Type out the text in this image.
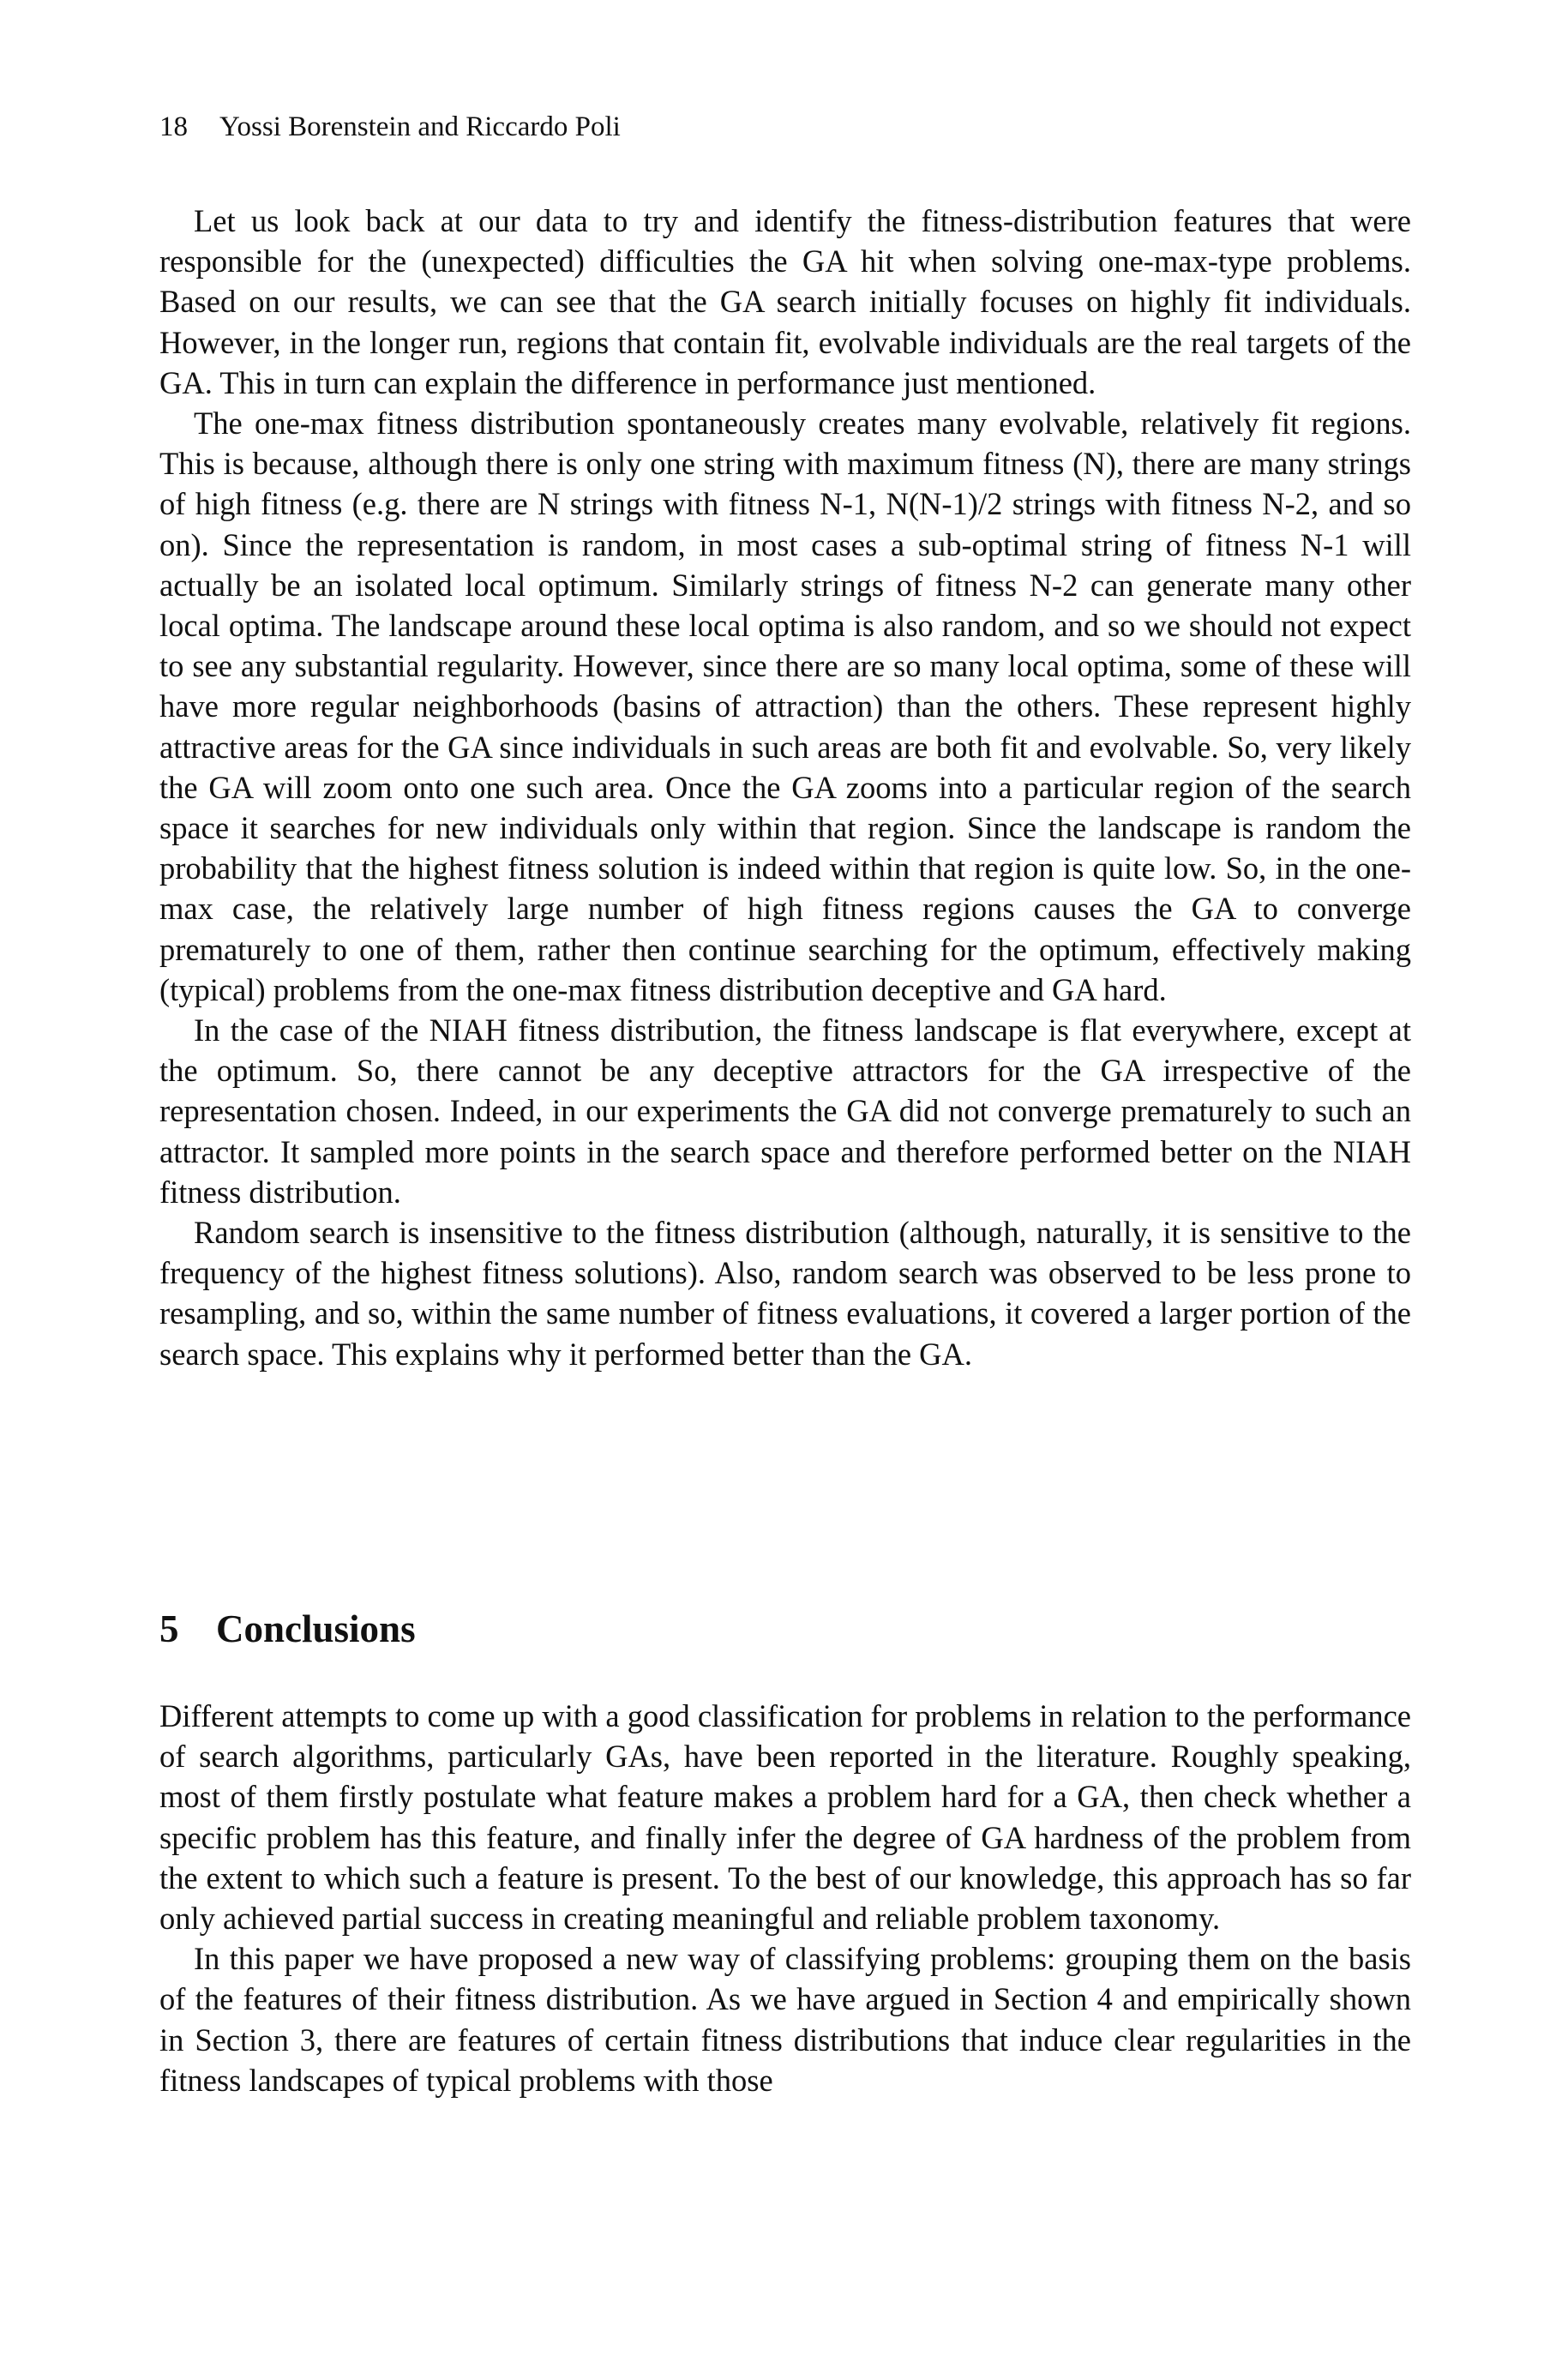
18 Yossi Borenstein and Riccardo Poli

Let us look back at our data to try and identify the fitness-distribution features that were responsible for the (unexpected) difficulties the GA hit when solving one-max-type problems. Based on our results, we can see that the GA search initially focuses on highly fit individuals. However, in the longer run, regions that contain fit, evolvable individuals are the real targets of the GA. This in turn can explain the difference in performance just mentioned.

The one-max fitness distribution spontaneously creates many evolvable, relatively fit regions. This is because, although there is only one string with maximum fitness (N), there are many strings of high fitness (e.g. there are N strings with fitness N-1, N(N-1)/2 strings with fitness N-2, and so on). Since the representation is random, in most cases a sub-optimal string of fitness N-1 will actually be an isolated local optimum. Similarly strings of fitness N-2 can generate many other local optima. The landscape around these local optima is also random, and so we should not expect to see any substantial regularity. However, since there are so many local optima, some of these will have more regular neighborhoods (basins of attraction) than the others. These represent highly attractive areas for the GA since individuals in such areas are both fit and evolvable. So, very likely the GA will zoom onto one such area. Once the GA zooms into a particular region of the search space it searches for new individuals only within that region. Since the landscape is random the probability that the highest fitness solution is indeed within that region is quite low. So, in the one-max case, the relatively large number of high fitness regions causes the GA to converge prematurely to one of them, rather then continue searching for the optimum, effectively making (typical) problems from the one-max fitness distribution deceptive and GA hard.

In the case of the NIAH fitness distribution, the fitness landscape is flat everywhere, except at the optimum. So, there cannot be any deceptive attractors for the GA irrespective of the representation chosen. Indeed, in our experiments the GA did not converge prematurely to such an attractor. It sampled more points in the search space and therefore performed better on the NIAH fitness distribution.

Random search is insensitive to the fitness distribution (although, naturally, it is sensitive to the frequency of the highest fitness solutions). Also, random search was observed to be less prone to resampling, and so, within the same number of fitness evaluations, it covered a larger portion of the search space. This explains why it performed better than the GA.

5 Conclusions

Different attempts to come up with a good classification for problems in relation to the performance of search algorithms, particularly GAs, have been reported in the literature. Roughly speaking, most of them firstly postulate what feature makes a problem hard for a GA, then check whether a specific problem has this feature, and finally infer the degree of GA hardness of the problem from the extent to which such a feature is present. To the best of our knowledge, this approach has so far only achieved partial success in creating meaningful and reliable problem taxonomy.

In this paper we have proposed a new way of classifying problems: grouping them on the basis of the features of their fitness distribution. As we have argued in Section 4 and empirically shown in Section 3, there are features of certain fitness distributions that induce clear regularities in the fitness landscapes of typical problems with those
